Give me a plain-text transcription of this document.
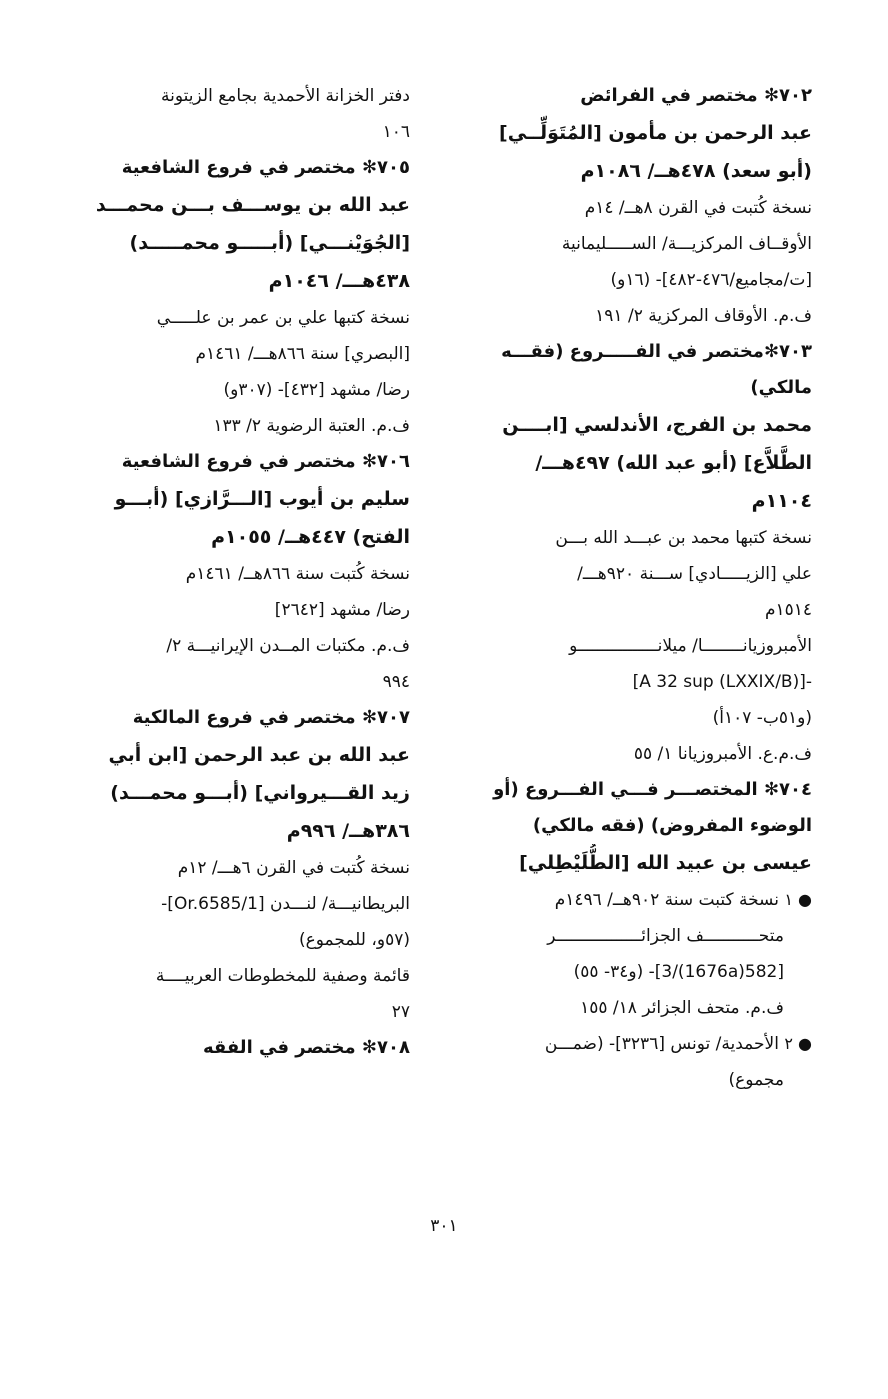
٧٠٢✻ مختصر في الفرائض
عبد الرحمن بن مأمون [المُتَوَلِّــي]
(أبو سعد) ٤٧٨هــ/ ١٠٨٦م
نسخة كُتبت في القرن ٨هــ/ ١٤م
الأوقــاف المركزيـــة/ الســـــليمانية
[ت/مجاميع/٤٧٦-٤٨٢]- (١٦و)
ف.م. الأوقاف المركزية ٢/ ١٩١
٧٠٣✻مختصر في الفـــــروع (فقـــه
مالكي)
محمد بن الفرج، الأندلسي [ابــــن
الطَّلاَّع] (أبو عبد الله) ٤٩٧هـــ/
١١٠٤م
نسخة كتبها محمد بن عبـــد الله بـــن
علي [الزيـــــادي] ســـنة ٩٢٠هـــ/
١٥١٤م
الأمبروزيانــــــــا/ ميلانــــــــــــــــو
-[(LXXIX/B) A 32 sup]
(و٥١ب- ١٠٧أ)
ف.م.ع. الأمبروزيانا ١/ ٥٥
٧٠٤✻ المختصـــر فـــي الفـــروع (أو
الوضوء المفروض) (فقه مالكي)
عيسى بن عبيد الله [الطُّلَيْطِلي]
● ١ نسخة كتبت سنة ٩٠٢هــ/ ١٤٩٦م
متحـــــــــــف الجزائـــــــــــــــــر
[582(1676a)/3]- (و٣٤- ٥٥)
ف.م. متحف الجزائر ١٨/ ١٥٥
● ٢ الأحمدية/ تونس [٣٢٣٦]- (ضمـــن
مجموع)
دفتر الخزانة الأحمدية بجامع الزيتونة
١٠٦
٧٠٥✻ مختصر في فروع الشافعية
عبد الله بن يوســـف بـــن محمـــد
[الجُوَيْنـــي] (أبـــــو محمـــــد)
٤٣٨هـــ/ ١٠٤٦م
نسخة كتبها علي بن عمر بن علـــــي
[البصري] سنة ٨٦٦هـــ/ ١٤٦١م
رضا/ مشهد [٤٣٢]- (٣٠٧و)
ف.م. العتبة الرضوية ٢/ ١٣٣
٧٠٦✻ مختصر في فروع الشافعية
سليم بن أيوب [الـــرَّازي] (أبـــو
الفتح) ٤٤٧هــ/ ١٠٥٥م
نسخة كُتبت سنة ٨٦٦هــ/ ١٤٦١م
رضا/ مشهد [٢٦٤٢]
ف.م. مكتبات المــدن الإيرانيـــة ٢/
٩٩٤
٧٠٧✻ مختصر في فروع المالكية
عبد الله بن عبد الرحمن [ابن أبي
زيد القـــيرواني] (أبـــو محمـــد)
٣٨٦هــ/ ٩٩٦م
نسخة كُتبت في القرن ٦هـــ/ ١٢م
البريطانيـــة/ لنـــدن [Or.6585/1]-
(٥٧و، للمجموع)
قائمة وصفية للمخطوطات العربيــــة
٢٧
٧٠٨✻ مختصر في الفقه
٣٠١
